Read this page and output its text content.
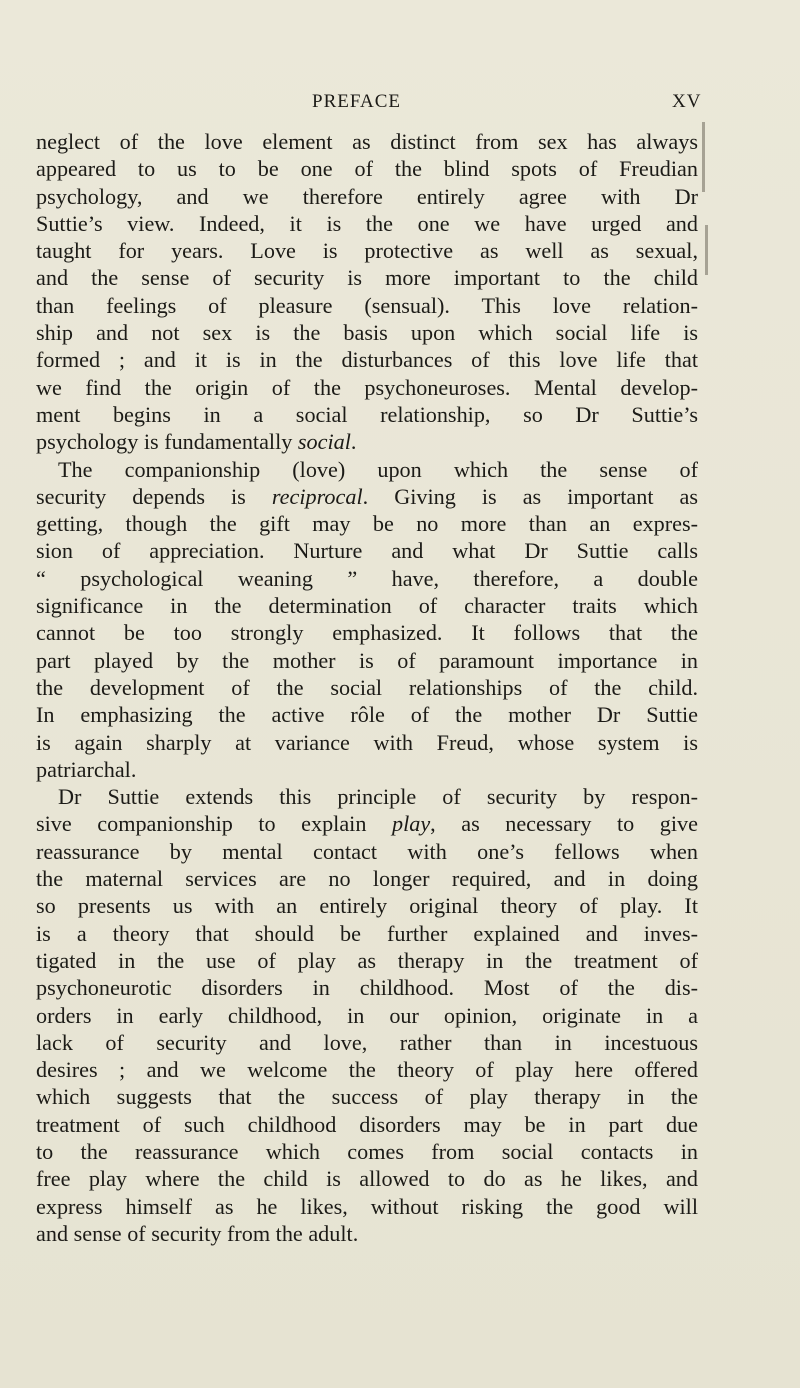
PREFACE	XV
neglect of the love element as distinct from sex has always
appeared to us to be one of the blind spots of Freudian
psychology, and we therefore entirely agree with Dr
Suttie’s view. Indeed, it is the one we have urged and
taught for years. Love is protective as well as sexual,
and the sense of security is more important to the child
than feelings of pleasure (sensual). This love relation-
ship and not sex is the basis upon which social life is
formed ; and it is in the disturbances of this love life that
we find the origin of the psychoneuroses. Mental develop-
ment begins in a social relationship, so Dr Suttie’s
psychology is fundamentally social.
The companionship (love) upon which the sense of
security depends is reciprocal. Giving is as important as
getting, though the gift may be no more than an expres-
sion of appreciation. Nurture and what Dr Suttie calls
“ psychological weaning ” have, therefore, a double
significance in the determination of character traits which
cannot be too strongly emphasized. It follows that the
part played by the mother is of paramount importance in
the development of the social relationships of the child.
In emphasizing the active rôle of the mother Dr Suttie
is again sharply at variance with Freud, whose system is
patriarchal.
Dr Suttie extends this principle of security by respon-
sive companionship to explain play, as necessary to give
reassurance by mental contact with one’s fellows when
the maternal services are no longer required, and in doing
so presents us with an entirely original theory of play. It
is a theory that should be further explained and inves-
tigated in the use of play as therapy in the treatment of
psychoneurotic disorders in childhood. Most of the dis-
orders in early childhood, in our opinion, originate in a
lack of security and love, rather than in incestuous
desires ; and we welcome the theory of play here offered
which suggests that the success of play therapy in the
treatment of such childhood disorders may be in part due
to the reassurance which comes from social contacts in
free play where the child is allowed to do as he likes, and
express himself as he likes, without risking the good will
and sense of security from the adult.
